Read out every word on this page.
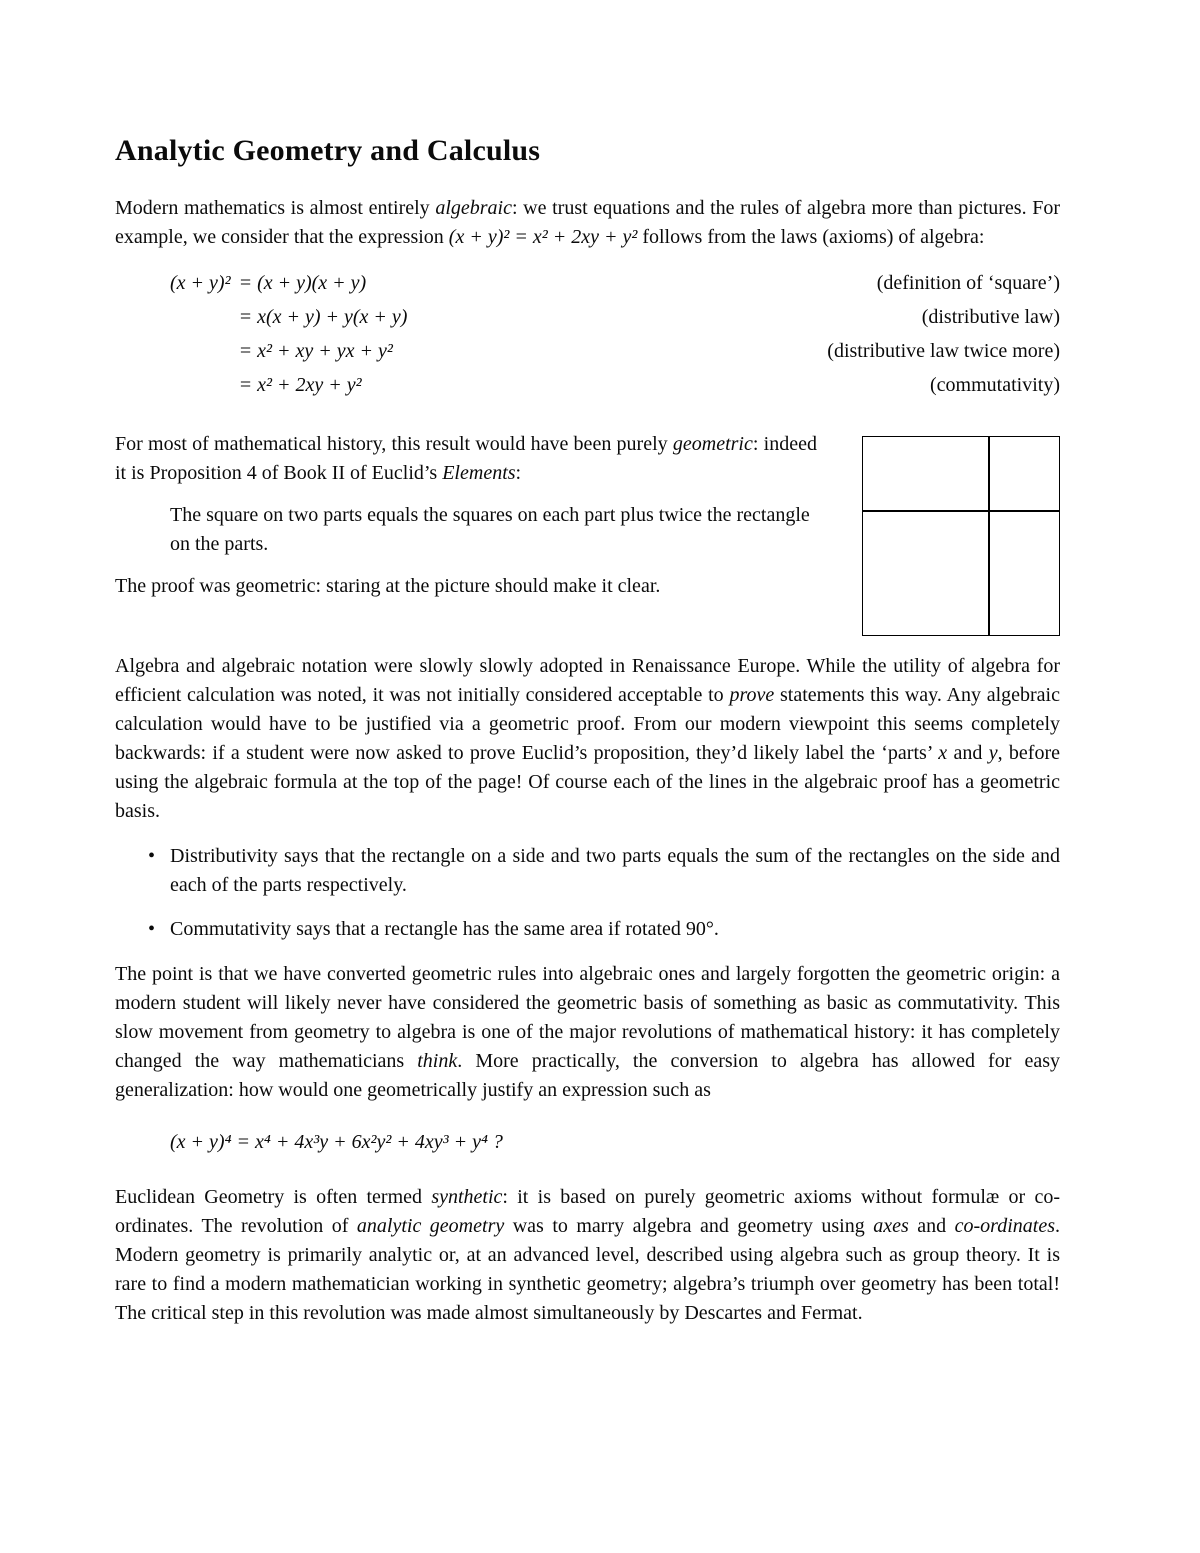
Analytic Geometry and Calculus

Modern mathematics is almost entirely algebraic: we trust equations and the rules of algebra more than pictures. For example, we consider that the expression (x + y)² = x² + 2xy + y² follows from the laws (axioms) of algebra:

(x + y)² = (x + y)(x + y)	(definition of ‘square’)
= x(x + y) + y(x + y)	(distributive law)
= x² + xy + yx + y²	(distributive law twice more)
= x² + 2xy + y²	(commutativity)

For most of mathematical history, this result would have been purely geometric: indeed it is Proposition 4 of Book II of Euclid’s Elements:

The square on two parts equals the squares on each part plus twice the rectangle on the parts.

The proof was geometric: staring at the picture should make it clear.

Algebra and algebraic notation were slowly slowly adopted in Renaissance Europe. While the utility of algebra for efficient calculation was noted, it was not initially considered acceptable to prove statements this way. Any algebraic calculation would have to be justified via a geometric proof. From our modern viewpoint this seems completely backwards: if a student were now asked to prove Euclid’s proposition, they’d likely label the ‘parts’ x and y, before using the algebraic formula at the top of the page! Of course each of the lines in the algebraic proof has a geometric basis.

• Distributivity says that the rectangle on a side and two parts equals the sum of the rectangles on the side and each of the parts respectively.
• Commutativity says that a rectangle has the same area if rotated 90°.

The point is that we have converted geometric rules into algebraic ones and largely forgotten the geometric origin: a modern student will likely never have considered the geometric basis of something as basic as commutativity. This slow movement from geometry to algebra is one of the major revolutions of mathematical history: it has completely changed the way mathematicians think. More practically, the conversion to algebra has allowed for easy generalization: how would one geometrically justify an expression such as

(x + y)⁴ = x⁴ + 4x³y + 6x²y² + 4xy³ + y⁴ ?

Euclidean Geometry is often termed synthetic: it is based on purely geometric axioms without formulæ or co-ordinates. The revolution of analytic geometry was to marry algebra and geometry using axes and co-ordinates. Modern geometry is primarily analytic or, at an advanced level, described using algebra such as group theory. It is rare to find a modern mathematician working in synthetic geometry; algebra’s triumph over geometry has been total! The critical step in this revolution was made almost simultaneously by Descartes and Fermat.
